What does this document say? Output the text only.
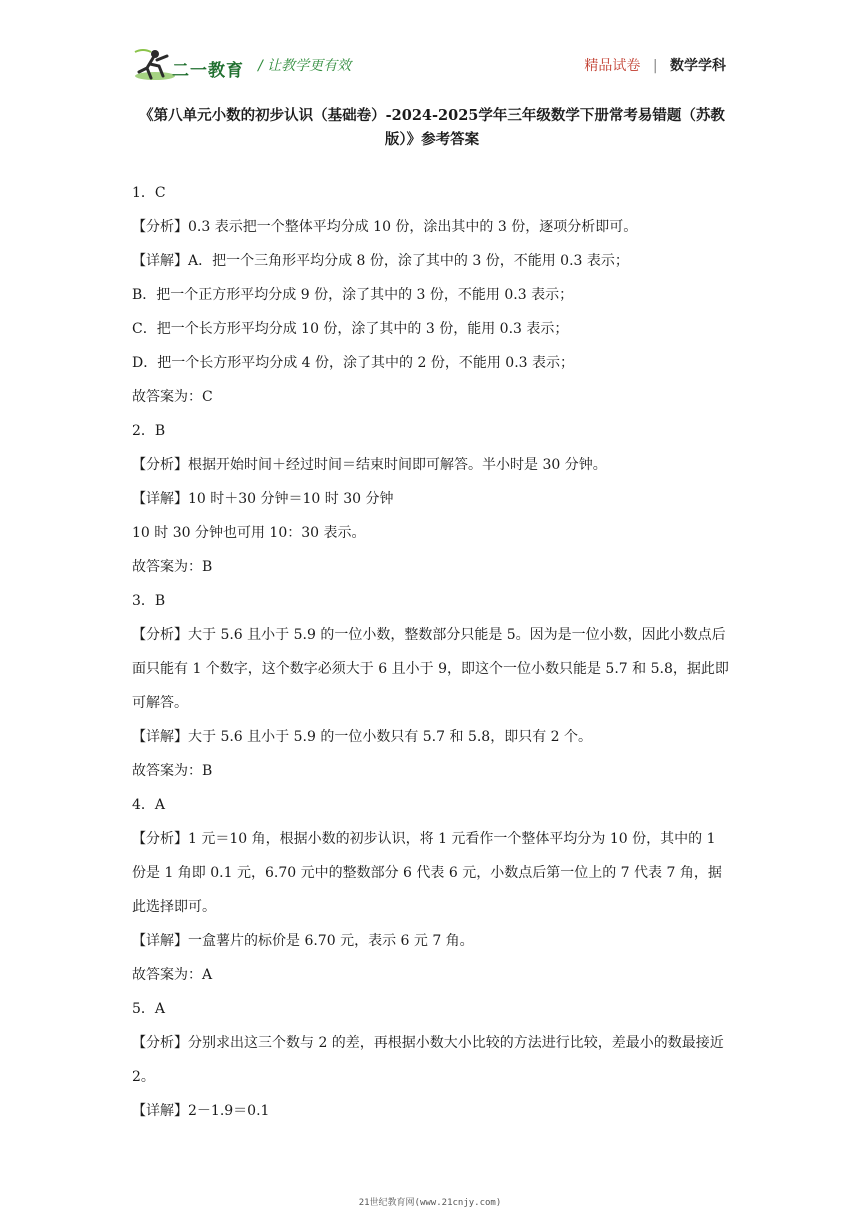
二一教育 / 让教学更有效	精品试卷 | 数学学科
《第八单元小数的初步认识（基础卷）-2024-2025学年三年级数学下册常考易错题（苏教版）》参考答案
1．C
【分析】0.3 表示把一个整体平均分成 10 份，涂出其中的 3 份，逐项分析即可。
【详解】A．把一个三角形平均分成 8 份，涂了其中的 3 份，不能用 0.3 表示；
B．把一个正方形平均分成 9 份，涂了其中的 3 份，不能用 0.3 表示；
C．把一个长方形平均分成 10 份，涂了其中的 3 份，能用 0.3 表示；
D．把一个长方形平均分成 4 份，涂了其中的 2 份，不能用 0.3 表示；
故答案为：C
2．B
【分析】根据开始时间＋经过时间＝结束时间即可解答。半小时是 30 分钟。
【详解】10 时＋30 分钟＝10 时 30 分钟
10 时 30 分钟也可用 10：30 表示。
故答案为：B
3．B
【分析】大于 5.6 且小于 5.9 的一位小数，整数部分只能是 5。因为是一位小数，因此小数点后面只能有 1 个数字，这个数字必须大于 6 且小于 9，即这个一位小数只能是 5.7 和 5.8，据此即可解答。
【详解】大于 5.6 且小于 5.9 的一位小数只有 5.7 和 5.8，即只有 2 个。
故答案为：B
4．A
【分析】1 元＝10 角，根据小数的初步认识，将 1 元看作一个整体平均分为 10 份，其中的 1 份是 1 角即 0.1 元，6.70 元中的整数部分 6 代表 6 元，小数点后第一位上的 7 代表 7 角，据此选择即可。
【详解】一盒薯片的标价是 6.70 元，表示 6 元 7 角。
故答案为：A
5．A
【分析】分别求出这三个数与 2 的差，再根据小数大小比较的方法进行比较，差最小的数最接近 2。
【详解】2－1.9＝0.1
21世纪教育网(www.21cnjy.com)
